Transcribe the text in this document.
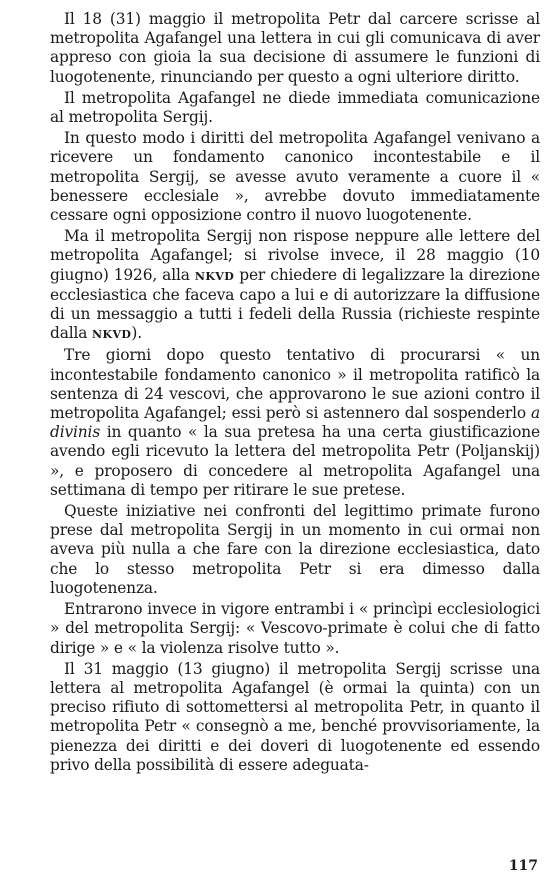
Il 18 (31) maggio il metropolita Petr dal carcere scrisse al metropolita Agafangel una lettera in cui gli comunicava di aver appreso con gioia la sua decisione di assumere le funzioni di luogotenente, rinunciando per questo a ogni ulteriore diritto.

Il metropolita Agafangel ne diede immediata comunicazione al metropolita Sergij.

In questo modo i diritti del metropolita Agafangel venivano a ricevere un fondamento canonico incontestabile e il metropolita Sergij, se avesse avuto veramente a cuore il « benessere ecclesiale », avrebbe dovuto immediatamente cessare ogni opposizione contro il nuovo luogotenente.

Ma il metropolita Sergij non rispose neppure alle lettere del metropolita Agafangel; si rivolse invece, il 28 maggio (10 giugno) 1926, alla NKVD per chiedere di legalizzare la direzione ecclesiastica che faceva capo a lui e di autorizzare la diffusione di un messaggio a tutti i fedeli della Russia (richieste respinte dalla NKVD).

Tre giorni dopo questo tentativo di procurarsi « un incontestabile fondamento canonico » il metropolita ratificò la sentenza di 24 vescovi, che approvarono le sue azioni contro il metropolita Agafangel; essi però si astennero dal sospenderlo a divinis in quanto « la sua pretesa ha una certa giustificazione avendo egli ricevuto la lettera del metropolita Petr (Poljanskij) », e proposero di concedere al metropolita Agafangel una settimana di tempo per ritirare le sue pretese.

Queste iniziative nei confronti del legittimo primate furono prese dal metropolita Sergij in un momento in cui ormai non aveva più nulla a che fare con la direzione ecclesiastica, dato che lo stesso metropolita Petr si era dimesso dalla luogotenenza.

Entrarono invece in vigore entrambi i « princìpi ecclesiologici » del metropolita Sergij: « Vescovo-primate è colui che di fatto dirige » e « la violenza risolve tutto ».

Il 31 maggio (13 giugno) il metropolita Sergij scrisse una lettera al metropolita Agafangel (è ormai la quinta) con un preciso rifiuto di sottomettersi al metropolita Petr, in quanto il metropolita Petr « consegnò a me, benché provvisoriamente, la pienezza dei diritti e dei doveri di luogotenente ed essendo privo della possibilità di essere adeguata-

117
